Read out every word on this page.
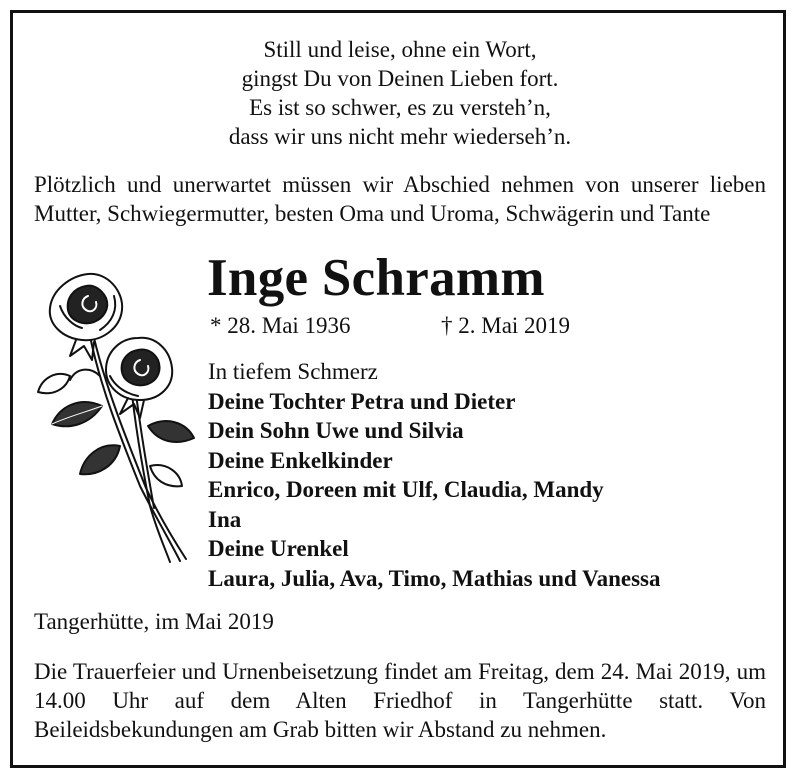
Still und leise, ohne ein Wort,
gingst Du von Deinen Lieben fort.
Es ist so schwer, es zu versteh’n,
dass wir uns nicht mehr wiederseh’n.
Plötzlich und unerwartet müssen wir Abschied nehmen von unserer lieben Mutter, Schwiegermutter, besten Oma und Uroma, Schwägerin und Tante
Inge Schramm
* 28. Mai 1936	† 2. Mai 2019
In tiefem Schmerz
Deine Tochter Petra und Dieter
Dein Sohn Uwe und Silvia
Deine Enkelkinder
Enrico, Doreen mit Ulf, Claudia, Mandy
Ina
Deine Urenkel
Laura, Julia, Ava, Timo, Mathias und Vanessa
Tangerhütte, im Mai 2019
Die Trauerfeier und Urnenbeisetzung findet am Freitag, dem 24. Mai 2019, um 14.00 Uhr auf dem Alten Friedhof in Tangerhütte statt. Von Beileidsbekundungen am Grab bitten wir Abstand zu nehmen.
